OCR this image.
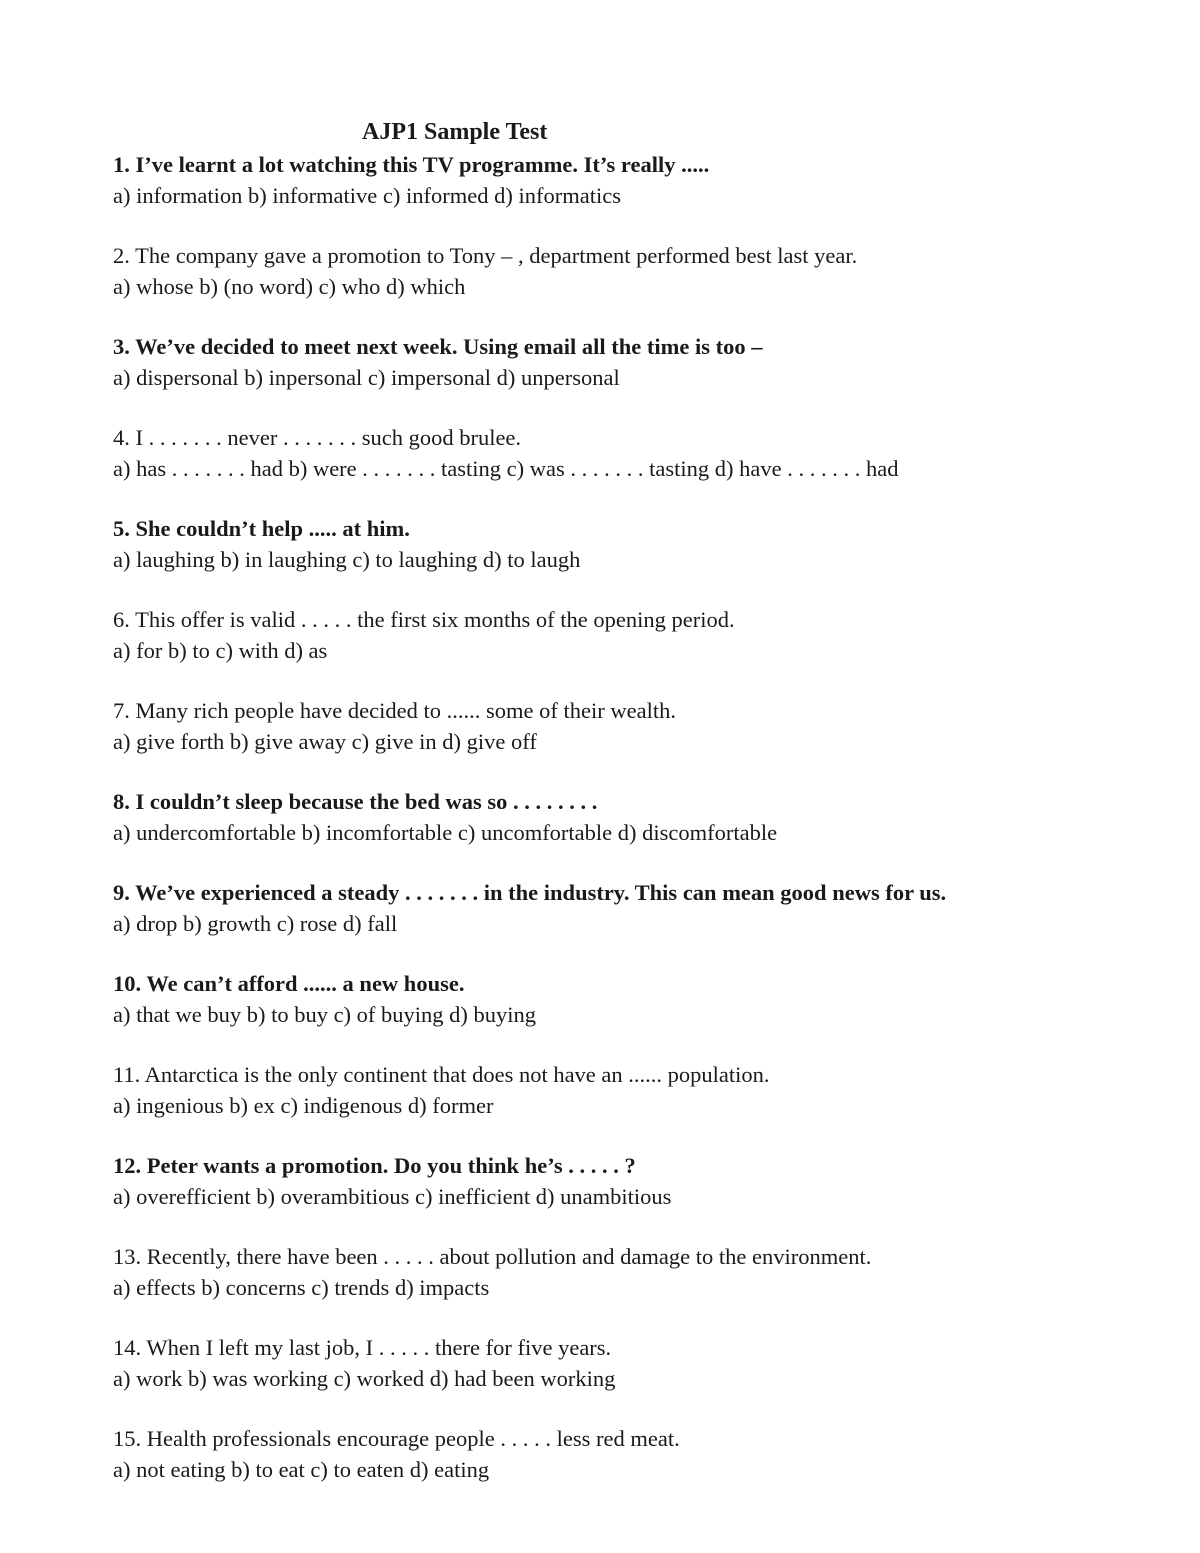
AJP1 Sample Test
1. I’ve learnt a lot watching this TV programme. It’s really .....
a) information b) informative c) informed d) informatics
2. The company gave a promotion to Tony – , department performed best last year.
a) whose b) (no word) c) who d) which
3. We’ve decided to meet next week. Using email all the time is too –
a) dispersonal b) inpersonal c) impersonal d) unpersonal
4. I . . . . . . . never . . . . . . . such good brulee.
a) has . . . . . . . had b) were . . . . . . . tasting c) was . . . . . . . tasting d) have . . . . . . . had
5. She couldn’t help ..... at him.
a) laughing b) in laughing c) to laughing d) to laugh
6. This offer is valid . . . . . the first six months of the opening period.
a) for b) to c) with d) as
7. Many rich people have decided to ...... some of their wealth.
a) give forth b) give away c) give in d) give off
8. I couldn’t sleep because the bed was so . . . . . . . .
a) undercomfortable b) incomfortable c) uncomfortable d) discomfortable
9. We’ve experienced a steady . . . . . . . in the industry. This can mean good news for us.
a) drop b) growth c) rose d) fall
10. We can’t afford ...... a new house.
a) that we buy b) to buy c) of buying d) buying
11. Antarctica is the only continent that does not have an ...... population.
a) ingenious b) ex c) indigenous d) former
12. Peter wants a promotion. Do you think he’s . . . . . ?
a) overefficient b) overambitious c) inefficient d) unambitious
13. Recently, there have been . . . . . about pollution and damage to the environment.
a) effects b) concerns c) trends d) impacts
14. When I left my last job, I . . . . . there for five years.
a) work b) was working c) worked d) had been working
15. Health professionals encourage people . . . . . less red meat.
a) not eating b) to eat c) to eaten d) eating
